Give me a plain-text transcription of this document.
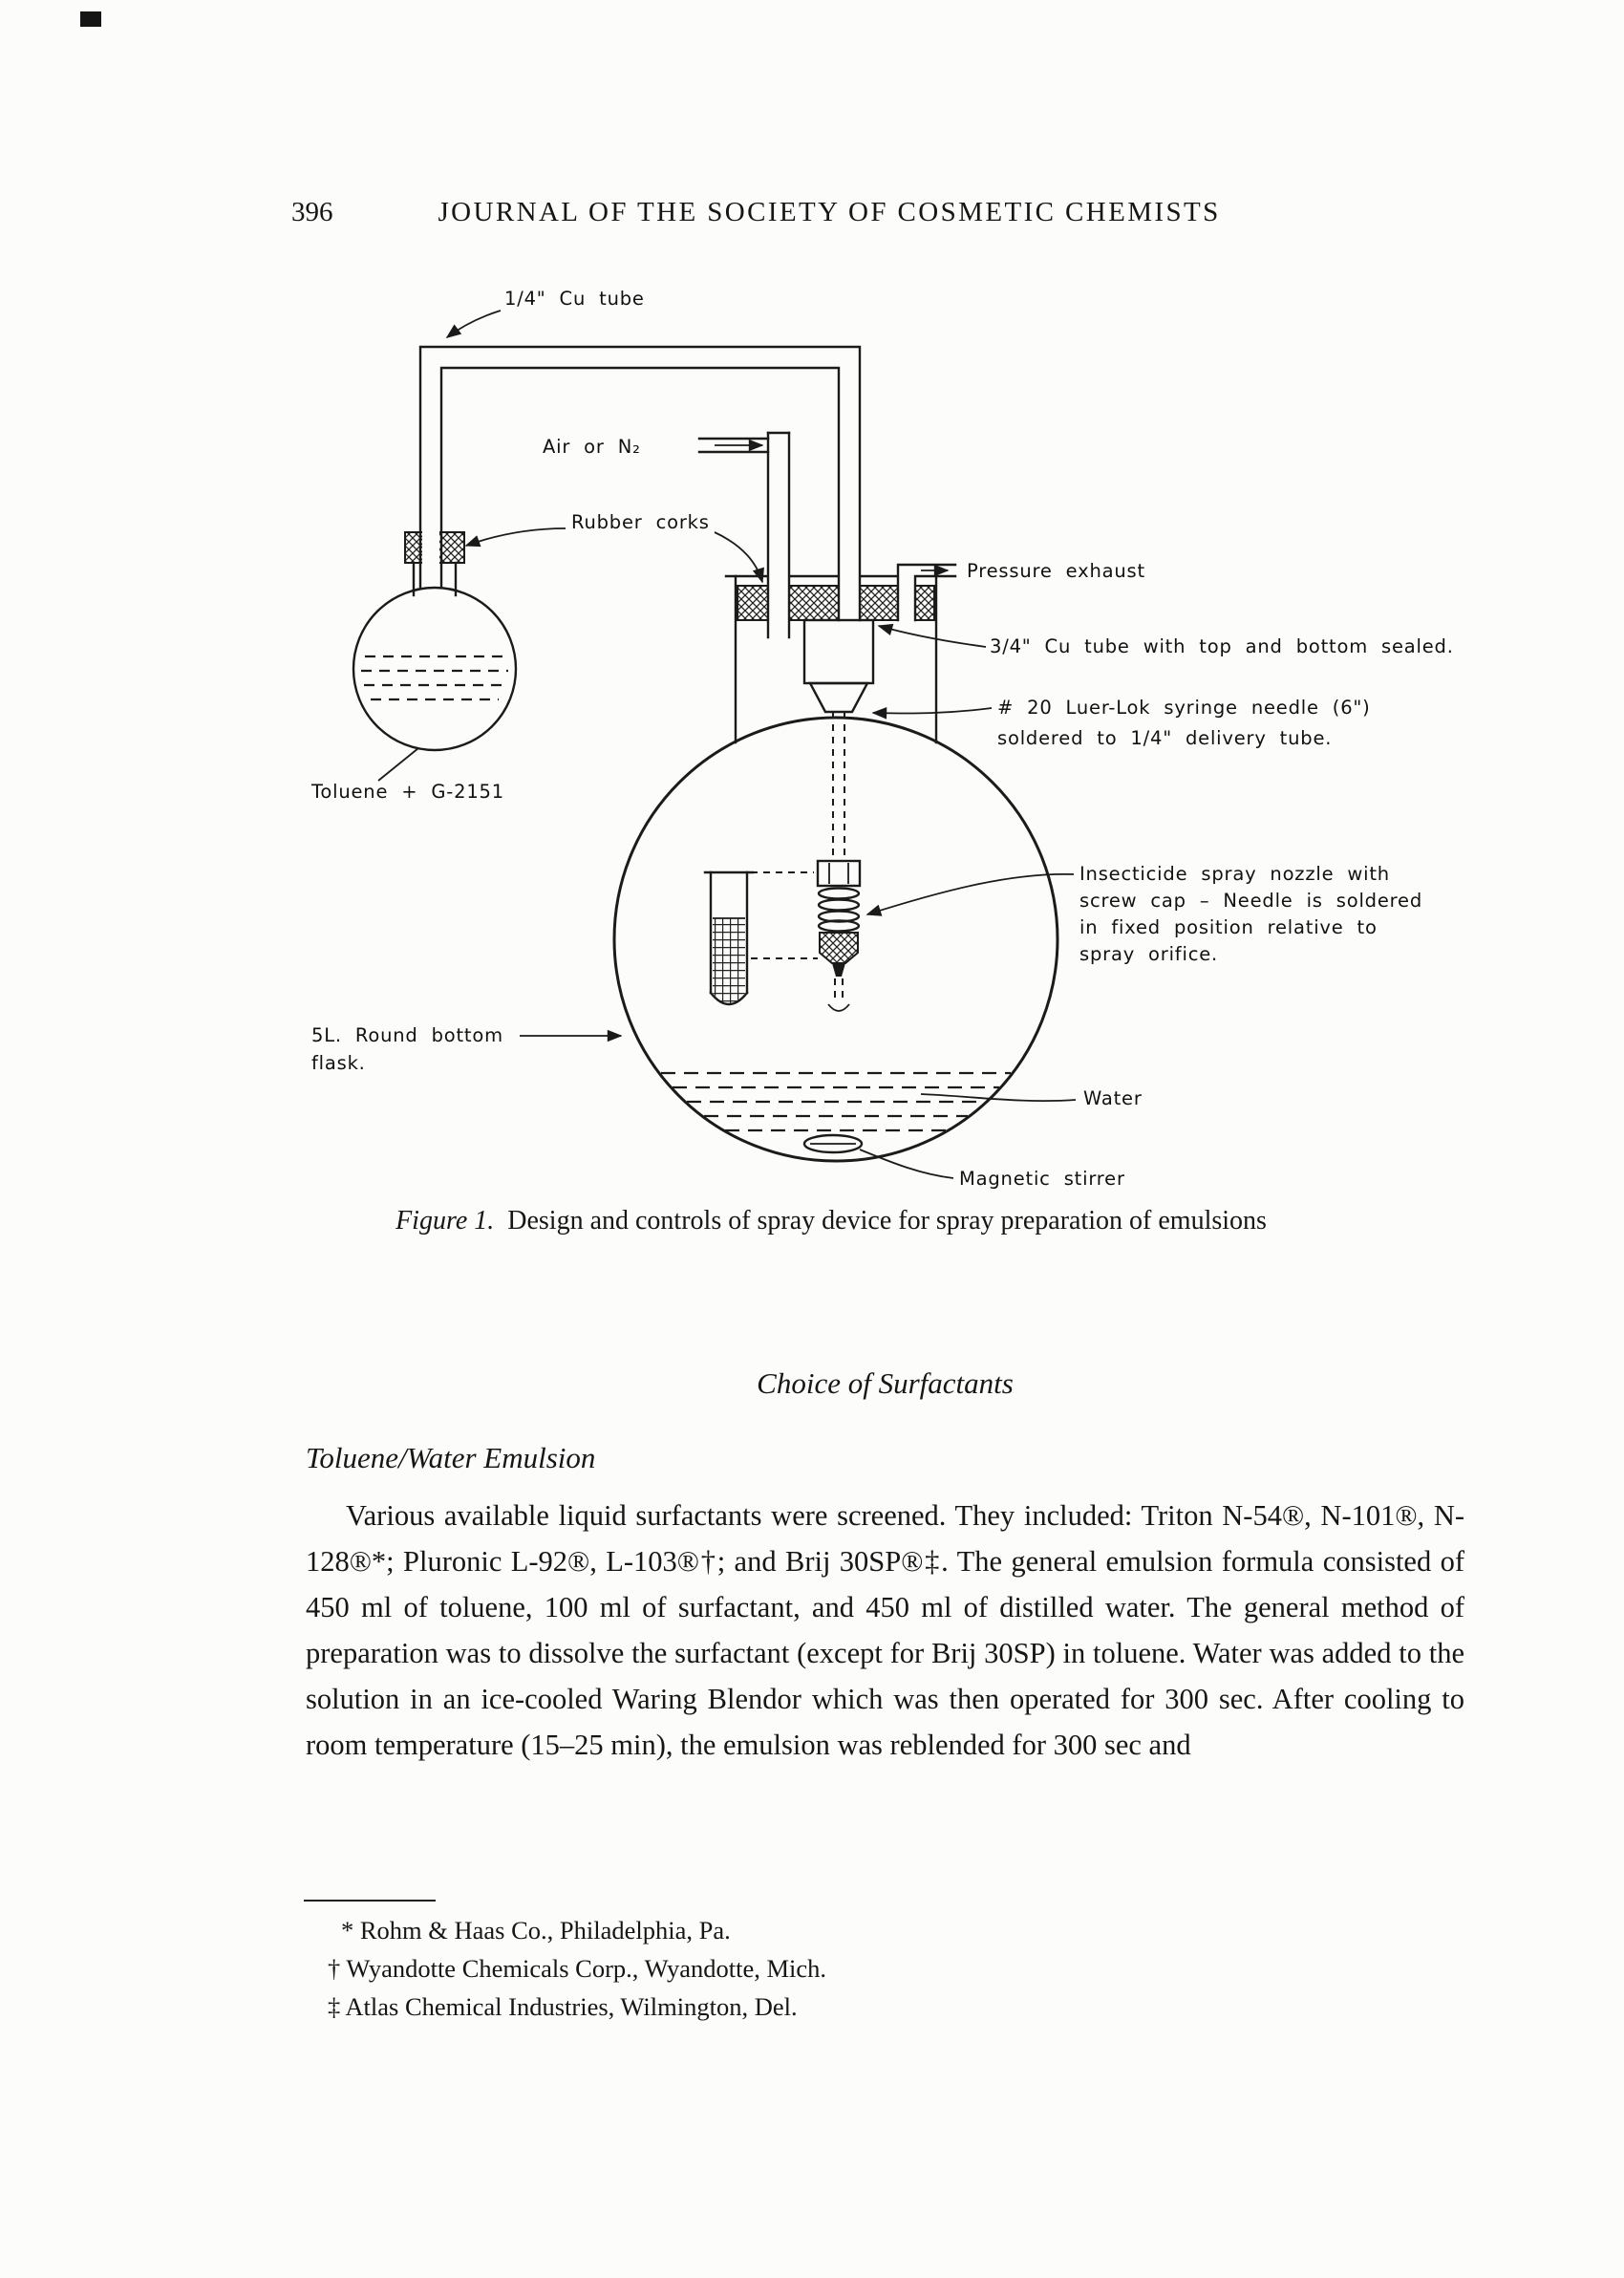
396	JOURNAL OF THE SOCIETY OF COSMETIC CHEMISTS
1/4" Cu tube
Air or N₂
Rubber corks
Pressure exhaust
3/4" Cu tube with top and bottom sealed.
# 20 Luer-Lok syringe needle (6")
soldered to 1/4" delivery tube.
Toluene + G-2151
Insecticide spray nozzle with
screw cap – Needle is soldered
in fixed position relative to
spray orifice.
5L. Round bottom
flask.
Water
Magnetic stirrer
Figure 1. Design and controls of spray device for spray preparation of emulsions
Choice of Surfactants
Toluene/Water Emulsion
Various available liquid surfactants were screened. They included: Triton N-54®, N-101®, N-128®*; Pluronic L-92®, L-103®†; and Brij 30SP®‡. The general emulsion formula consisted of 450 ml of toluene, 100 ml of surfactant, and 450 ml of distilled water. The general method of preparation was to dissolve the surfactant (except for Brij 30SP) in toluene. Water was added to the solution in an ice-cooled Waring Blendor which was then operated for 300 sec. After cooling to room temperature (15–25 min), the emulsion was reblended for 300 sec and
* Rohm & Haas Co., Philadelphia, Pa.
† Wyandotte Chemicals Corp., Wyandotte, Mich.
‡ Atlas Chemical Industries, Wilmington, Del.
